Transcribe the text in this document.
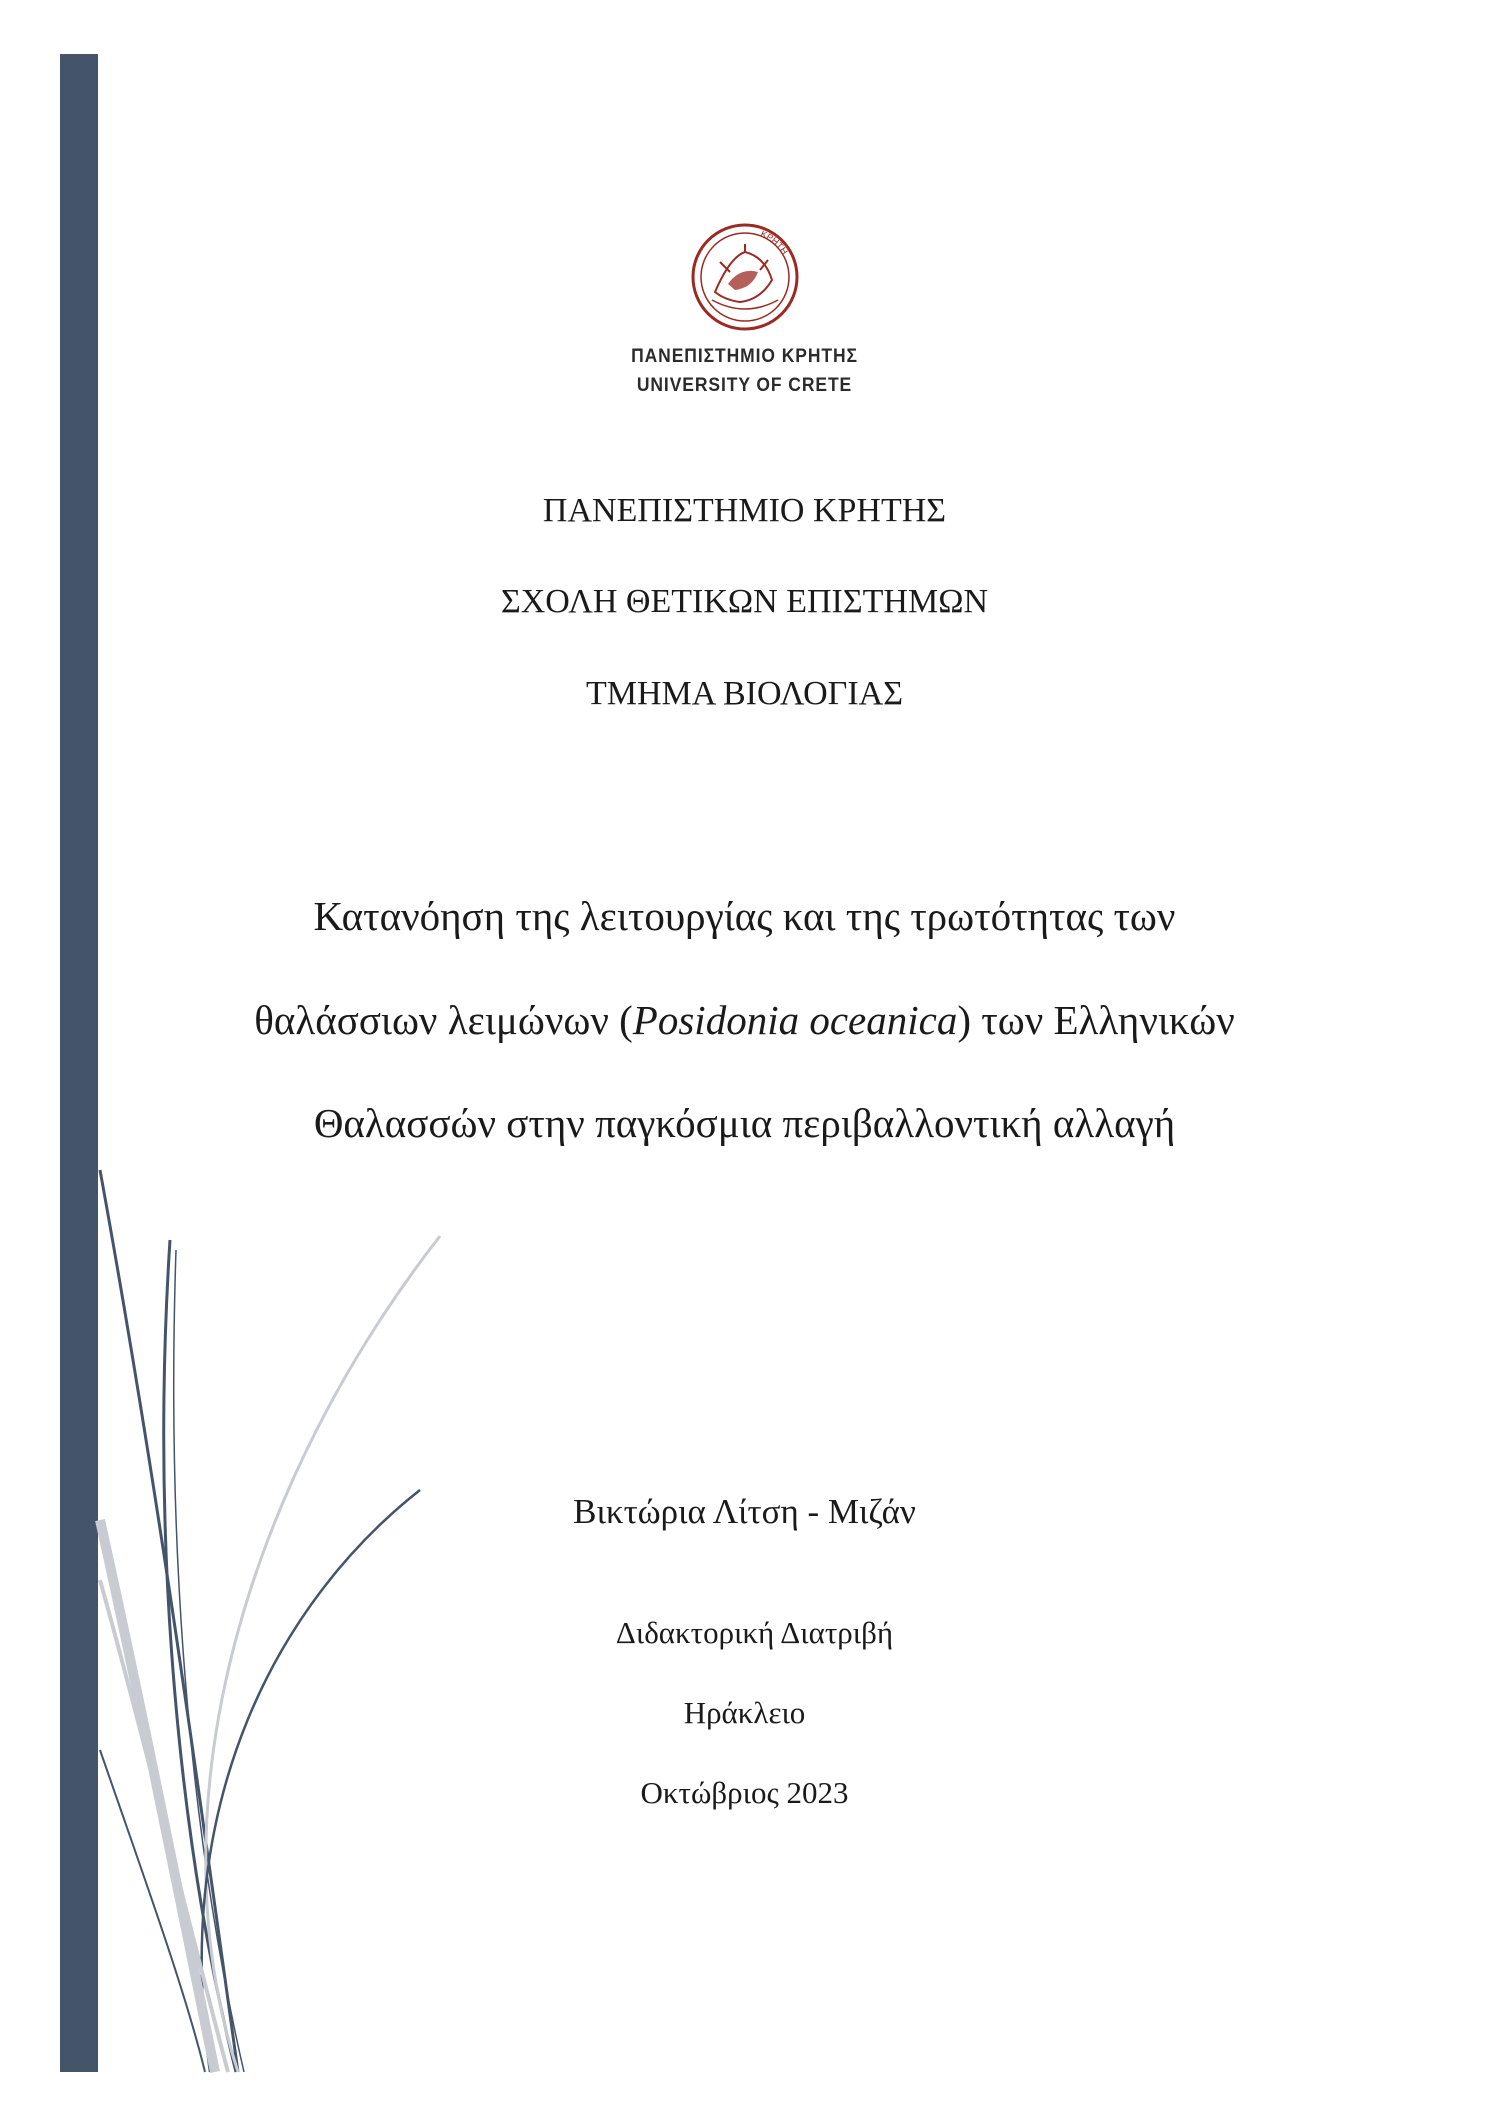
ΚΡΗΤΗ
ΠΑΝΕΠΙΣΤΗΜΙΟ ΚΡΗΤΗΣ
UNIVERSITY OF CRETE
ΠΑΝΕΠΙΣΤΗΜΙΟ ΚΡΗΤΗΣ
ΣΧΟΛΗ ΘΕΤΙΚΩΝ ΕΠΙΣΤΗΜΩΝ
ΤΜΗΜΑ ΒΙΟΛΟΓΙΑΣ
Κατανόηση της λειτουργίας και της τρωτότητας των
θαλάσσιων λειμώνων (Posidonia oceanica) των Ελληνικών
Θαλασσών στην παγκόσμια περιβαλλοντική αλλαγή
Βικτώρια Λίτση - Μιζάν
Διδακτορική Διατριβή
Ηράκλειο
Οκτώβριος 2023
